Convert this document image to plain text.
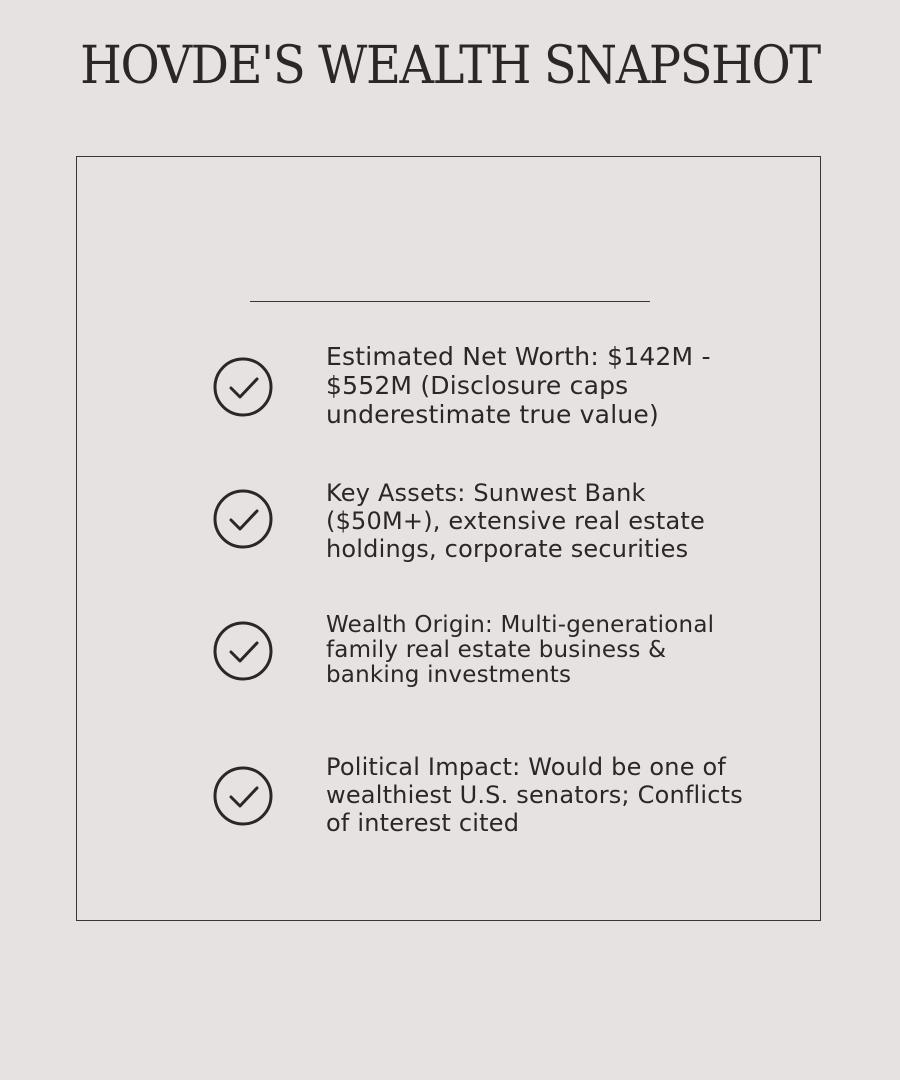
HOVDE'S WEALTH SNAPSHOT

Estimated Net Worth: $142M - $552M (Disclosure caps underestimate true value)

Key Assets: Sunwest Bank ($50M+), extensive real estate holdings, corporate securities

Wealth Origin: Multi-generational family real estate business & banking investments

Political Impact: Would be one of wealthiest U.S. senators; Conflicts of interest cited
